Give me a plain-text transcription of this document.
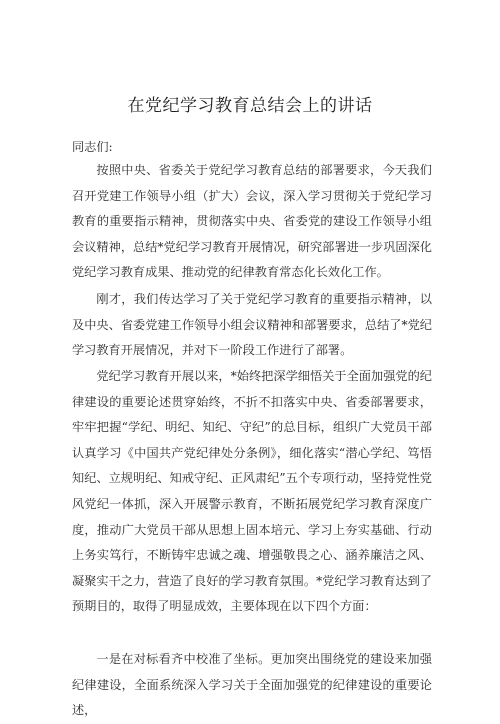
在党纪学习教育总结会上的讲话
同志们:

按照中央、省委关于党纪学习教育总结的部署要求，今天我们召开党建工作领导小组（扩大）会议，深入学习贯彻关于党纪学习教育的重要指示精神，贯彻落实中央、省委党的建设工作领导小组会议精神，总结*党纪学习教育开展情况，研究部署进一步巩固深化党纪学习教育成果、推动党的纪律教育常态化长效化工作。

刚才，我们传达学习了关于党纪学习教育的重要指示精神，以及中央、省委党建工作领导小组会议精神和部署要求，总结了*党纪学习教育开展情况，并对下一阶段工作进行了部署。

党纪学习教育开展以来，*始终把深学细悟关于全面加强党的纪律建设的重要论述贯穿始终，不折不扣落实中央、省委部署要求，牢牢把握“学纪、明纪、知纪、守纪”的总目标，组织广大党员干部认真学习《中国共产党纪律处分条例》，细化落实“潜心学纪、笃悟知纪、立规明纪、知戒守纪、正风肃纪”五个专项行动，坚持党性党风党纪一体抓，深入开展警示教育，不断拓展党纪学习教育深度广度，推动广大党员干部从思想上固本培元、学习上夯实基础、行动上务实笃行，不断铸牢忠诚之魂、增强敬畏之心、涵养廉洁之风、凝聚实干之力，营造了良好的学习教育氛围。*党纪学习教育达到了预期目的，取得了明显成效，主要体现在以下四个方面：

一是在对标看齐中校准了坐标。更加突出围绕党的建设来加强纪律建设，全面系统深入学习关于全面加强党的纪律建设的重要论述，
